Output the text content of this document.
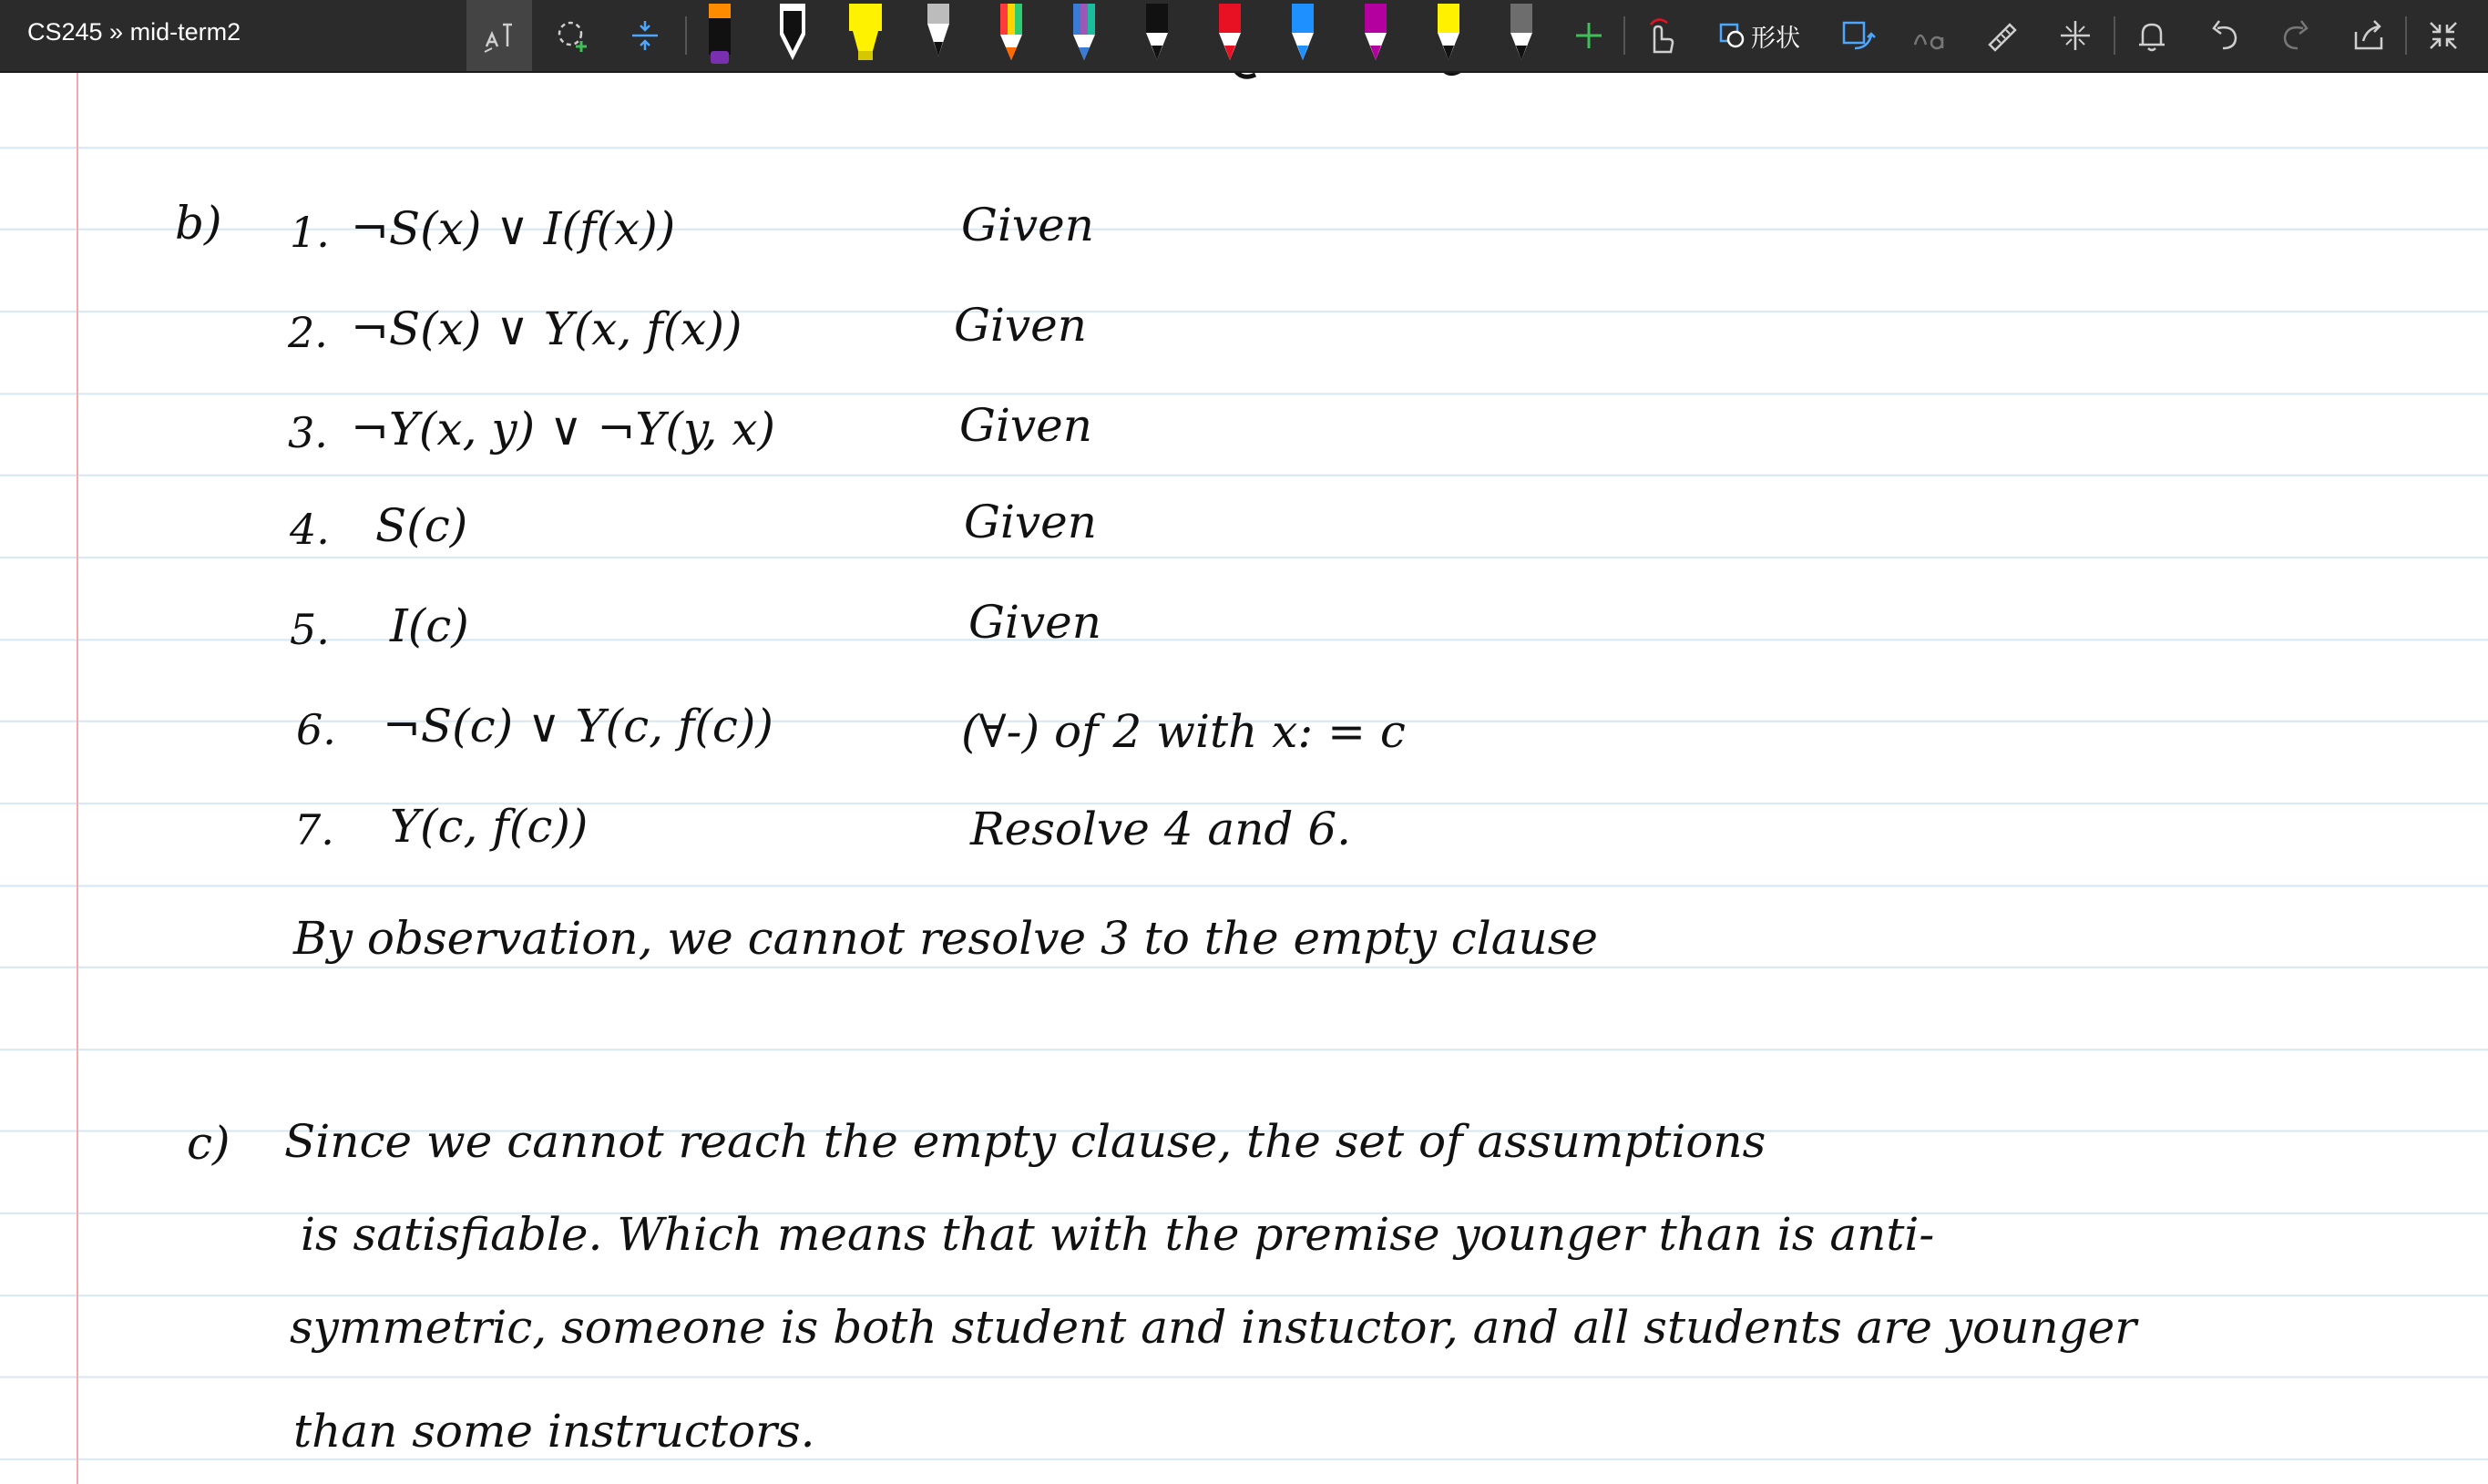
CS245 » mid-term2	形状
b) 1. ¬S(x) ∨ I(f(x))	Given
2. ¬S(x) ∨ Y(x, f(x))	Given
3. ¬Y(x, y) ∨ ¬Y(y, x)	Given
4. S(c)	Given
5. I(c)	Given
6. ¬S(c) ∨ Y(c, f(c))	(∀-) of 2 with x: = c
7. Y(c, f(c))	Resolve 4 and 6.
By observation, we cannot resolve 3 to the empty clause
c) Since we cannot reach the empty clause, the set of assumptions
is satisfiable. Which means that with the premise younger than is anti-
symmetric, someone is both student and instuctor, and all students are younger
than some instructors.
